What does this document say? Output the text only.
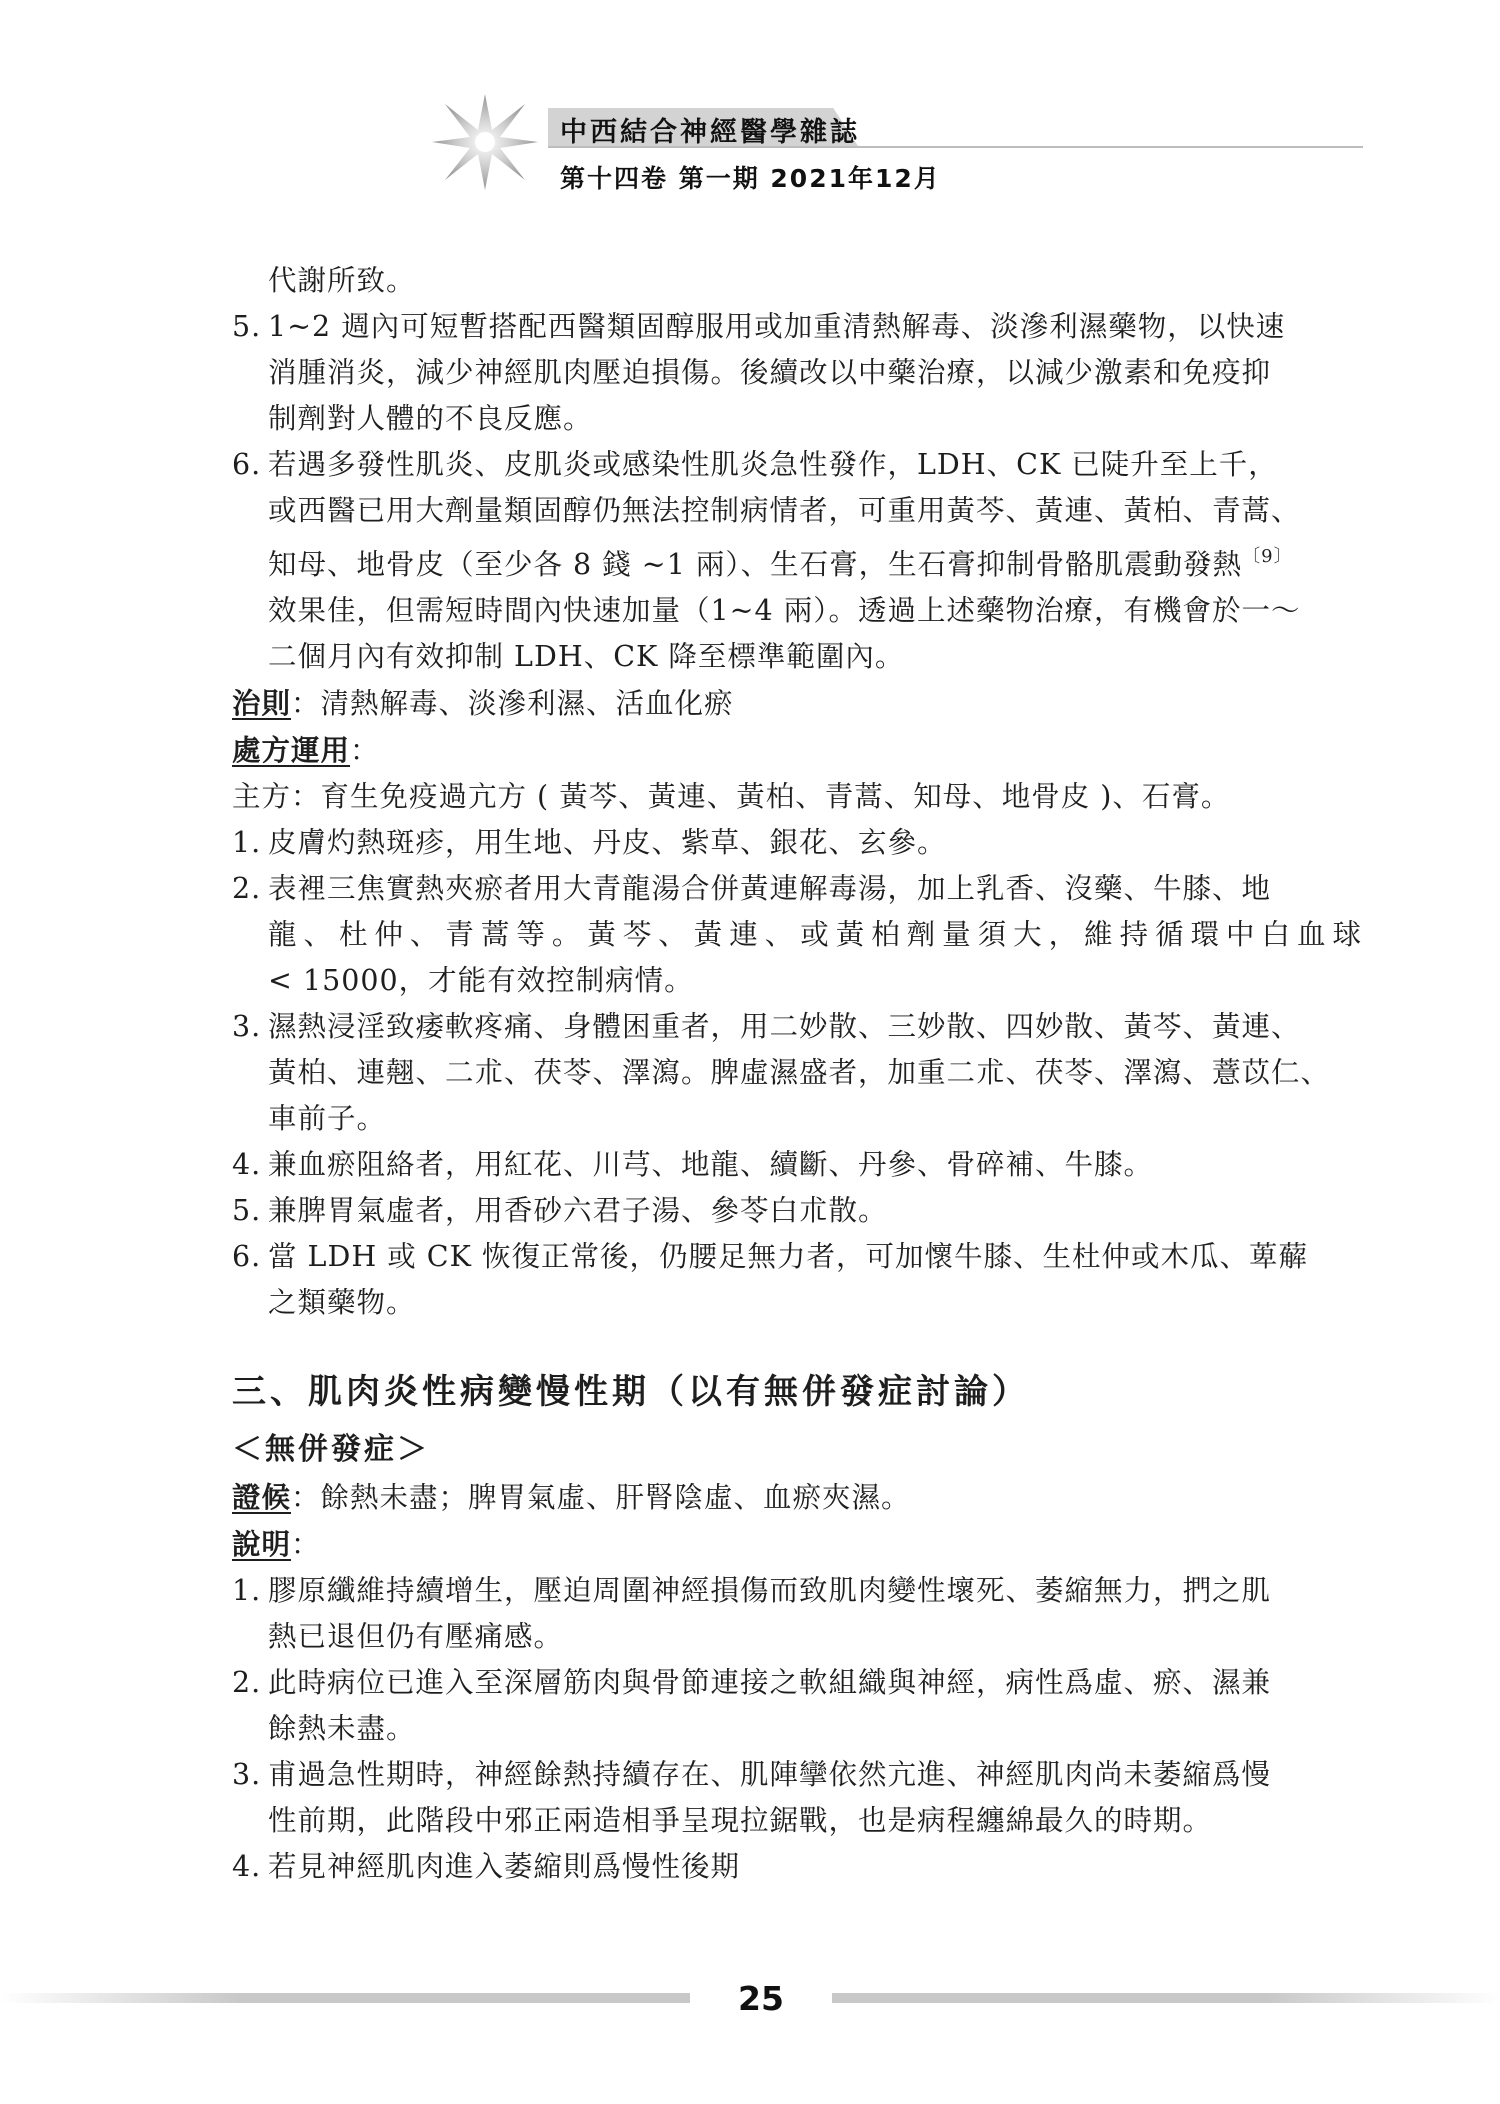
中西結合神經醫學雜誌
第十四卷 第一期 2021年12月
代謝所致。
5. 1~2 週內可短暫搭配西醫類固醇服用或加重清熱解毒、淡滲利濕藥物，以快速
消腫消炎，減少神經肌肉壓迫損傷。後續改以中藥治療，以減少激素和免疫抑
制劑對人體的不良反應。
6. 若遇多發性肌炎、皮肌炎或感染性肌炎急性發作，LDH、CK 已陡升至上千，
或西醫已用大劑量類固醇仍無法控制病情者，可重用黃芩、黃連、黃柏、青蒿、
知母、地骨皮（至少各 8 錢 ~1 兩）、生石膏，生石膏抑制骨骼肌震動發熱$^{〔9〕}$
效果佳，但需短時間內快速加量（1~4 兩）。透過上述藥物治療，有機會於一～
二個月內有效抑制 LDH、CK 降至標準範圍內。
治則：清熱解毒、淡滲利濕、活血化瘀
處方運用：
主方：育生免疫過亢方 ( 黃芩、黃連、黃柏、青蒿、知母、地骨皮 )、石膏。
1. 皮膚灼熱斑疹，用生地、丹皮、紫草、銀花、玄參。
2. 表裡三焦實熱夾瘀者用大青龍湯合併黃連解毒湯，加上乳香、沒藥、牛膝、地
龍、杜仲、青蒿等。黃芩、黃連、或黃柏劑量須大，維持循環中白血球
< 15000，才能有效控制病情。
3. 濕熱浸淫致痿軟疼痛、身體困重者，用二妙散、三妙散、四妙散、黃芩、黃連、
黃柏、連翹、二朮、茯苓、澤瀉。脾虛濕盛者，加重二朮、茯苓、澤瀉、薏苡仁、
車前子。
4. 兼血瘀阻絡者，用紅花、川芎、地龍、續斷、丹參、骨碎補、牛膝。
5. 兼脾胃氣虛者，用香砂六君子湯、參苓白朮散。
6. 當 LDH 或 CK 恢復正常後，仍腰足無力者，可加懷牛膝、生杜仲或木瓜、萆薢
之類藥物。
三、肌肉炎性病變慢性期（以有無併發症討論）
＜無併發症＞
證候：餘熱未盡；脾胃氣虛、肝腎陰虛、血瘀夾濕。
說明：
1. 膠原纖維持續增生，壓迫周圍神經損傷而致肌肉變性壞死、萎縮無力，捫之肌
熱已退但仍有壓痛感。
2. 此時病位已進入至深層筋肉與骨節連接之軟組織與神經，病性爲虛、瘀、濕兼
餘熱未盡。
3. 甫過急性期時，神經餘熱持續存在、肌陣攣依然亢進、神經肌肉尚未萎縮爲慢
性前期，此階段中邪正兩造相爭呈現拉鋸戰，也是病程纏綿最久的時期。
4. 若見神經肌肉進入萎縮則爲慢性後期
25
